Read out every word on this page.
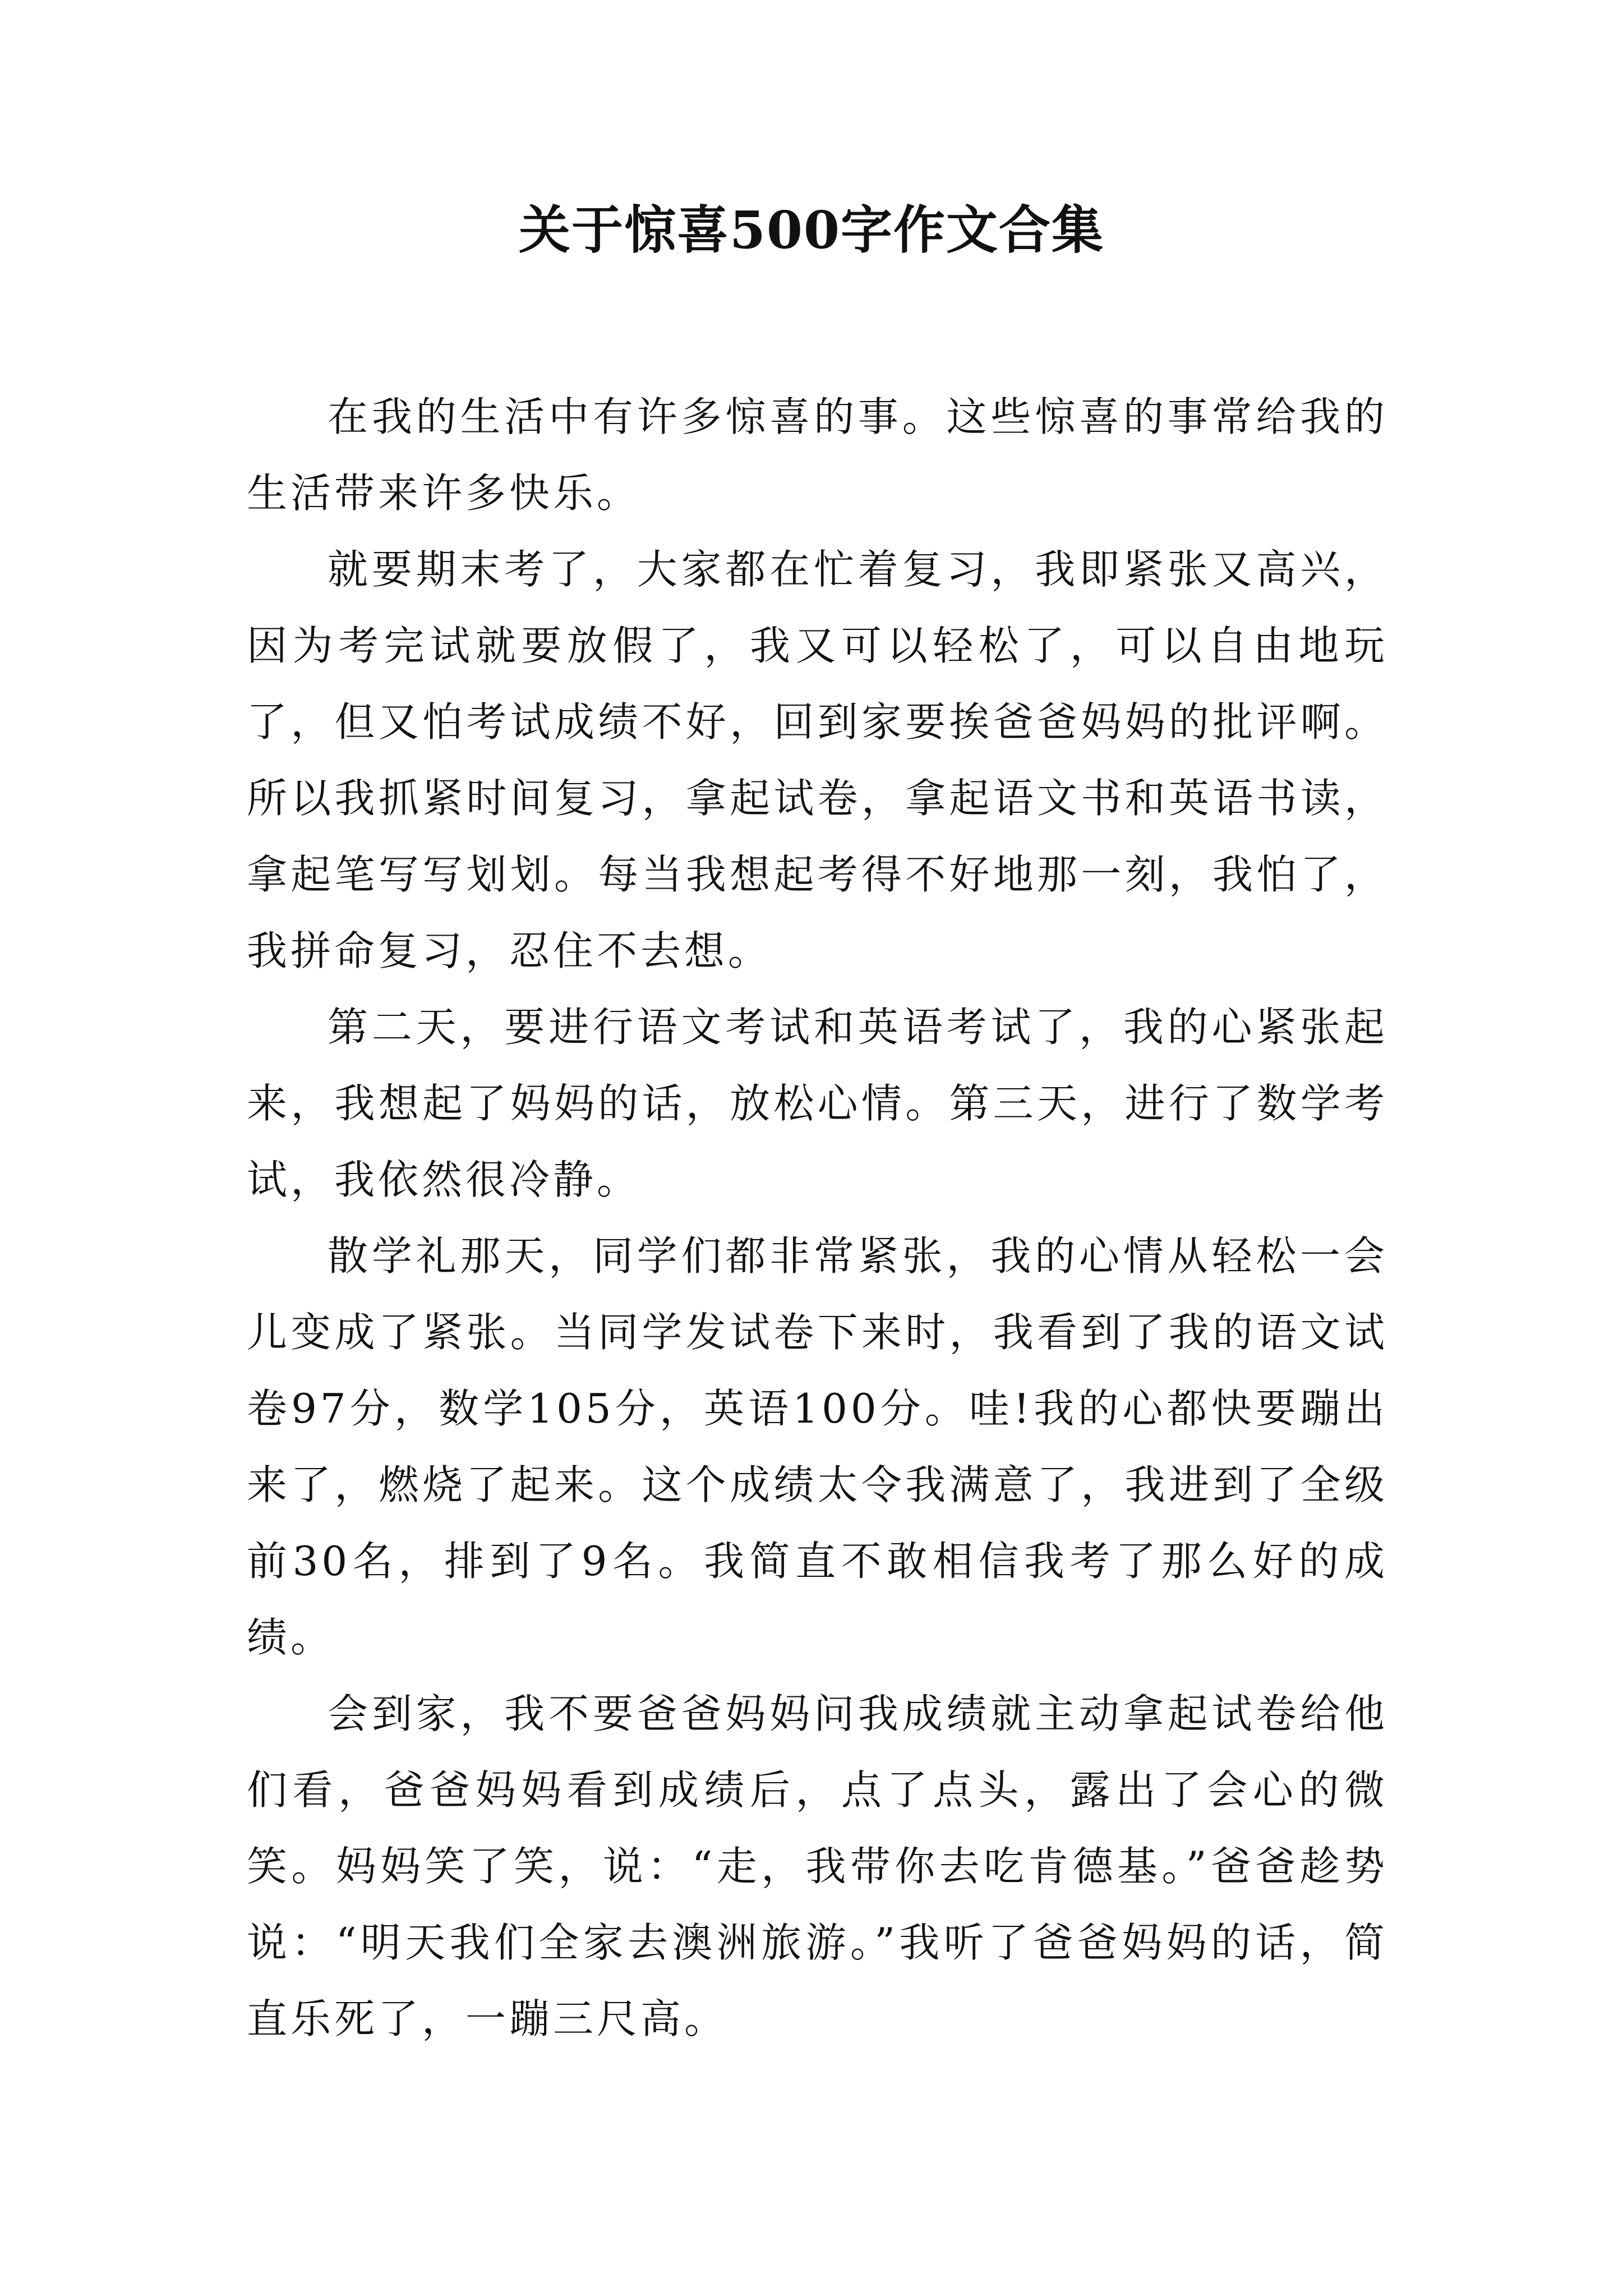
关于惊喜500字作文合集

在我的生活中有许多惊喜的事。这些惊喜的事常给我的生活带来许多快乐。

就要期末考了，大家都在忙着复习，我即紧张又高兴，因为考完试就要放假了，我又可以轻松了，可以自由地玩了，但又怕考试成绩不好，回到家要挨爸爸妈妈的批评啊。所以我抓紧时间复习，拿起试卷，拿起语文书和英语书读，拿起笔写写划划。每当我想起考得不好地那一刻，我怕了，我拼命复习，忍住不去想。

第二天，要进行语文考试和英语考试了，我的心紧张起来，我想起了妈妈的话，放松心情。第三天，进行了数学考试，我依然很冷静。

散学礼那天，同学们都非常紧张，我的心情从轻松一会儿变成了紧张。当同学发试卷下来时，我看到了我的语文试卷97分，数学105分，英语100分。哇!我的心都快要蹦出来了，燃烧了起来。这个成绩太令我满意了，我进到了全级前30名，排到了9名。我简直不敢相信我考了那么好的成绩。

会到家，我不要爸爸妈妈问我成绩就主动拿起试卷给他们看，爸爸妈妈看到成绩后，点了点头，露出了会心的微笑。妈妈笑了笑，说：“走，我带你去吃肯德基。”爸爸趁势说：“明天我们全家去澳洲旅游。”我听了爸爸妈妈的话，简直乐死了，一蹦三尺高。
